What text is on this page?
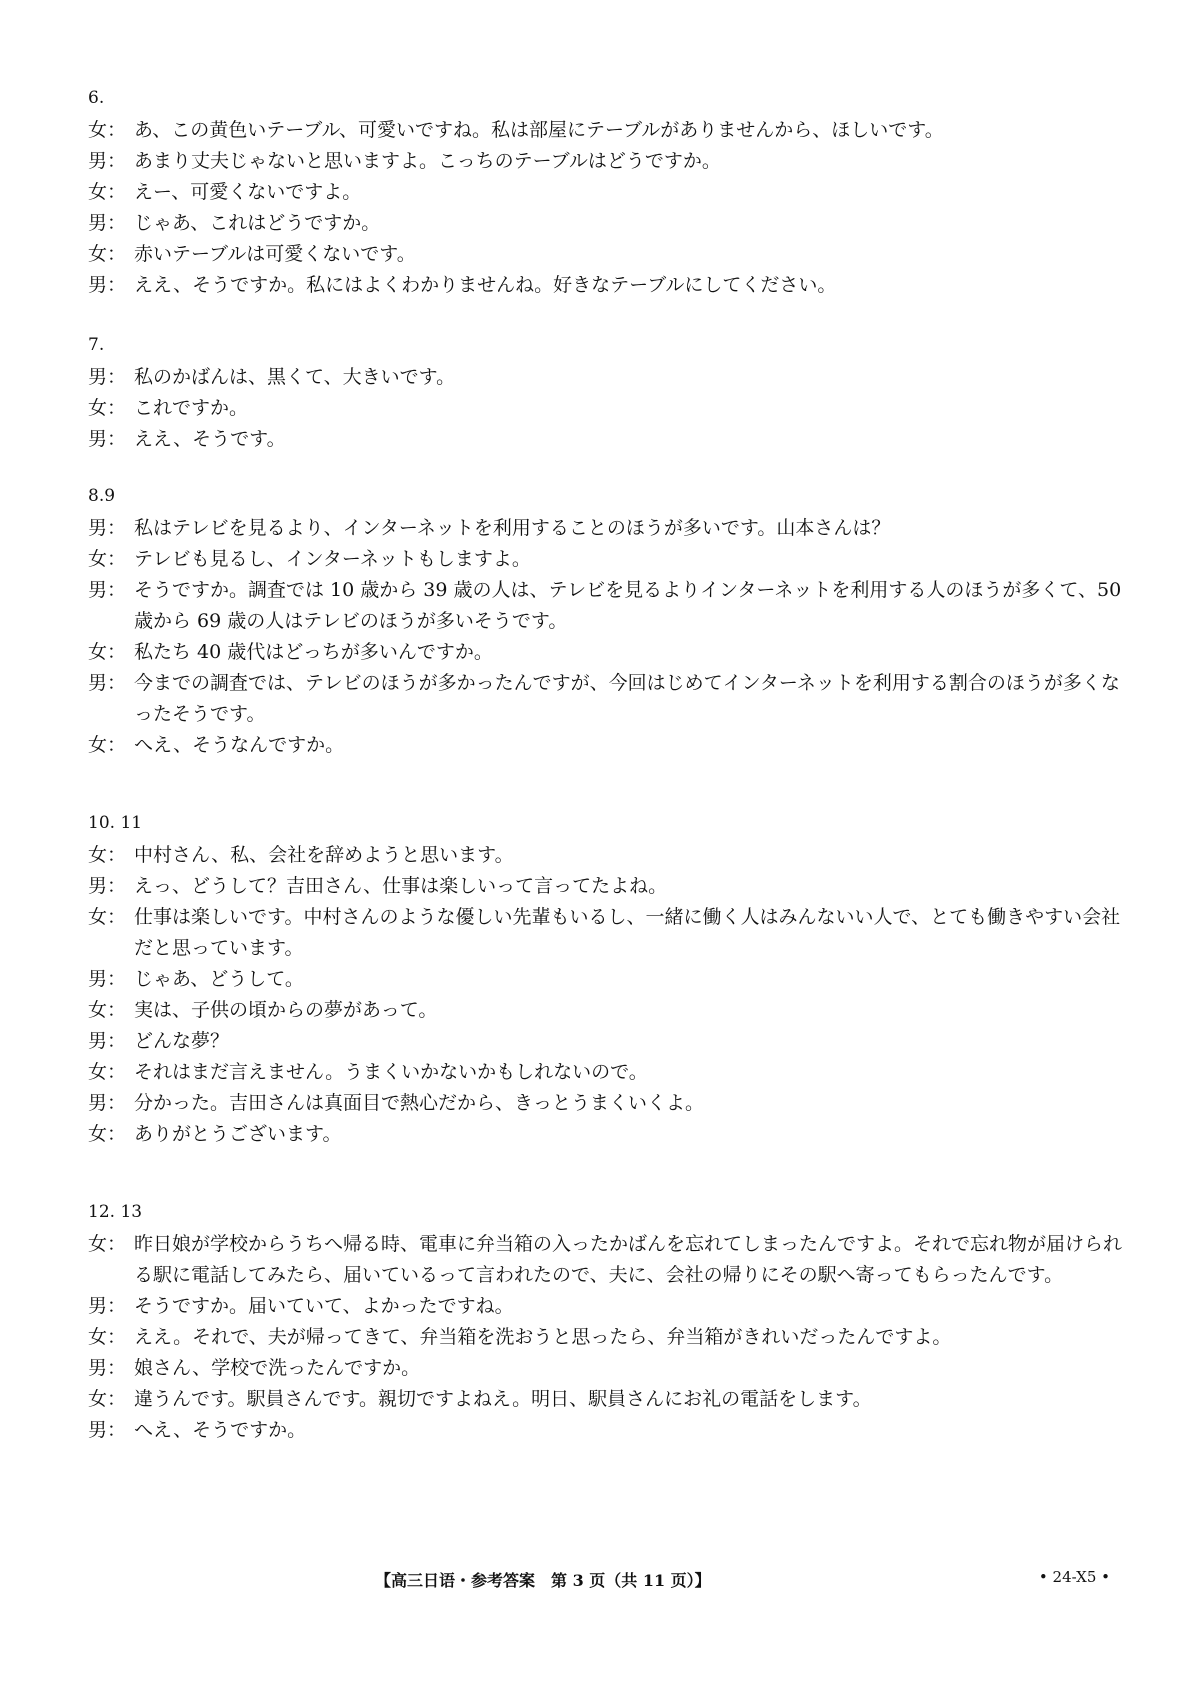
6.
女： あ、この黄色いテーブル、可愛いですね。私は部屋にテーブルがありませんから、ほしいです。
男： あまり丈夫じゃないと思いますよ。こっちのテーブルはどうですか。
女： えー、可愛くないですよ。
男： じゃあ、これはどうですか。
女： 赤いテーブルは可愛くないです。
男： ええ、そうですか。私にはよくわかりませんね。好きなテーブルにしてください。
7.
男： 私のかばんは、黒くて、大きいです。
女： これですか。
男： ええ、そうです。
8.9
男： 私はテレビを見るより、インターネットを利用することのほうが多いです。山本さんは？
女： テレビも見るし、インターネットもしますよ。
男： そうですか。調査では 10 歳から 39 歳の人は、テレビを見るよりインターネットを利用する人のほうが多くて、50 歳から 69 歳の人はテレビのほうが多いそうです。
女： 私たち 40 歳代はどっちが多いんですか。
男： 今までの調査では、テレビのほうが多かったんですが、今回はじめてインターネットを利用する割合のほうが多くなったそうです。
女： へえ、そうなんですか。
10. 11
女： 中村さん、私、会社を辞めようと思います。
男： えっ、どうして？吉田さん、仕事は楽しいって言ってたよね。
女： 仕事は楽しいです。中村さんのような優しい先輩もいるし、一緒に働く人はみんないい人で、とても働きやすい会社だと思っています。
男： じゃあ、どうして。
女： 実は、子供の頃からの夢があって。
男： どんな夢？
女： それはまだ言えません。うまくいかないかもしれないので。
男： 分かった。吉田さんは真面目で熱心だから、きっとうまくいくよ。
女： ありがとうございます。
12. 13
女： 昨日娘が学校からうちへ帰る時、電車に弁当箱の入ったかばんを忘れてしまったんですよ。それで忘れ物が届けられる駅に電話してみたら、届いているって言われたので、夫に、会社の帰りにその駅へ寄ってもらったんです。
男： そうですか。届いていて、よかったですね。
女： ええ。それで、夫が帰ってきて、弁当箱を洗おうと思ったら、弁当箱がきれいだったんですよ。
男： 娘さん、学校で洗ったんですか。
女： 違うんです。駅員さんです。親切ですよねえ。明日、駅員さんにお礼の電話をします。
男： へえ、そうですか。
【高三日语・参考答案　第 3 页（共 11 页）】	• 24-X5 •
